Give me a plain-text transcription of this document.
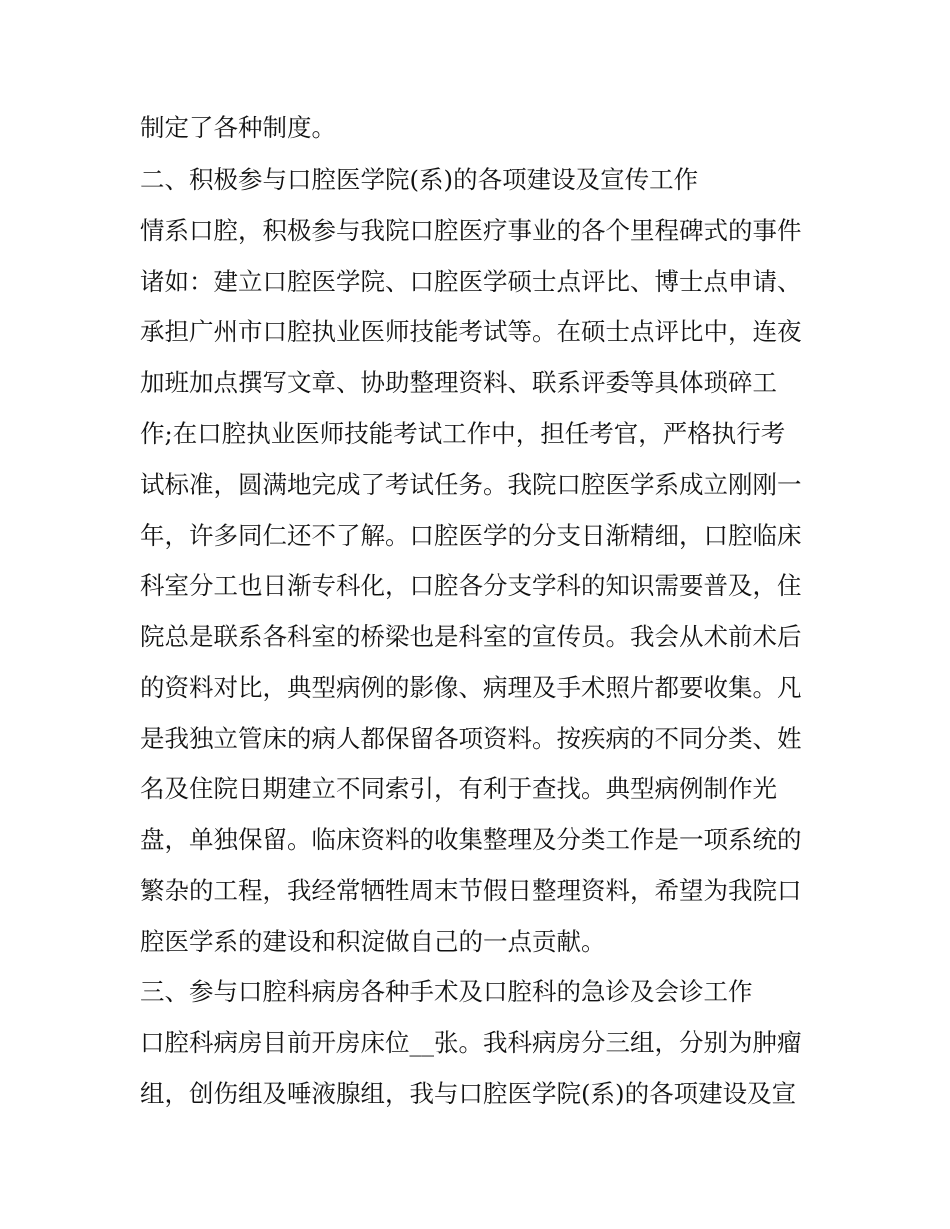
制定了各种制度。
二、积极参与口腔医学院(系)的各项建设及宣传工作
情系口腔，积极参与我院口腔医疗事业的各个里程碑式的事件
诸如：建立口腔医学院、口腔医学硕士点评比、博士点申请、
承担广州市口腔执业医师技能考试等。在硕士点评比中，连夜
加班加点撰写文章、协助整理资料、联系评委等具体琐碎工
作;在口腔执业医师技能考试工作中，担任考官，严格执行考
试标准，圆满地完成了考试任务。我院口腔医学系成立刚刚一
年，许多同仁还不了解。口腔医学的分支日渐精细，口腔临床
科室分工也日渐专科化，口腔各分支学科的知识需要普及，住
院总是联系各科室的桥梁也是科室的宣传员。我会从术前术后
的资料对比，典型病例的影像、病理及手术照片都要收集。凡
是我独立管床的病人都保留各项资料。按疾病的不同分类、姓
名及住院日期建立不同索引，有利于查找。典型病例制作光
盘，单独保留。临床资料的收集整理及分类工作是一项系统的
繁杂的工程，我经常牺牲周末节假日整理资料，希望为我院口
腔医学系的建设和积淀做自己的一点贡献。
三、参与口腔科病房各种手术及口腔科的急诊及会诊工作
口腔科病房目前开房床位__张。我科病房分三组，分别为肿瘤
组，创伤组及唾液腺组，我与口腔医学院(系)的各项建设及宣
